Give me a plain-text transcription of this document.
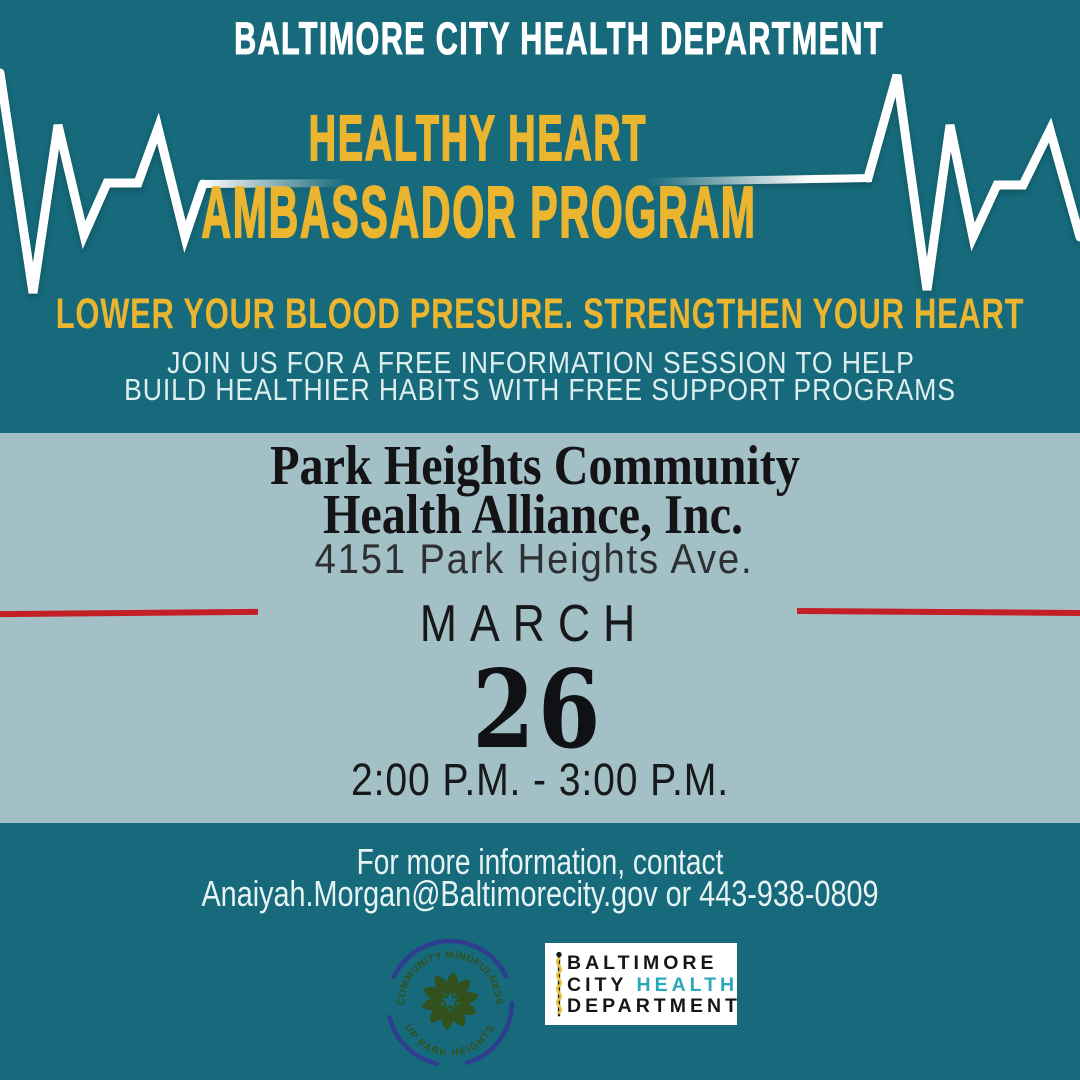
BALTIMORE CITY HEALTH DEPARTMENT
HEALTHY HEART
AMBASSADOR PROGRAM
LOWER YOUR BLOOD PRESURE. STRENGTHEN YOUR HEART
JOIN US FOR A FREE INFORMATION SESSION TO HELP
BUILD HEALTHIER HABITS WITH FREE SUPPORT PROGRAMS
Park Heights Community
Health Alliance, Inc.
4151 Park Heights Ave.
MARCH
26
2:00 P.M. - 3:00 P.M.
For more information, contact
Anaiyah.Morgan@Baltimorecity.gov or 443-938-0809
COMMUNITY MINDFULNESS
UP PARK HEIGHTS
BALTIMORE
CITY HEALTH
DEPARTMENT
